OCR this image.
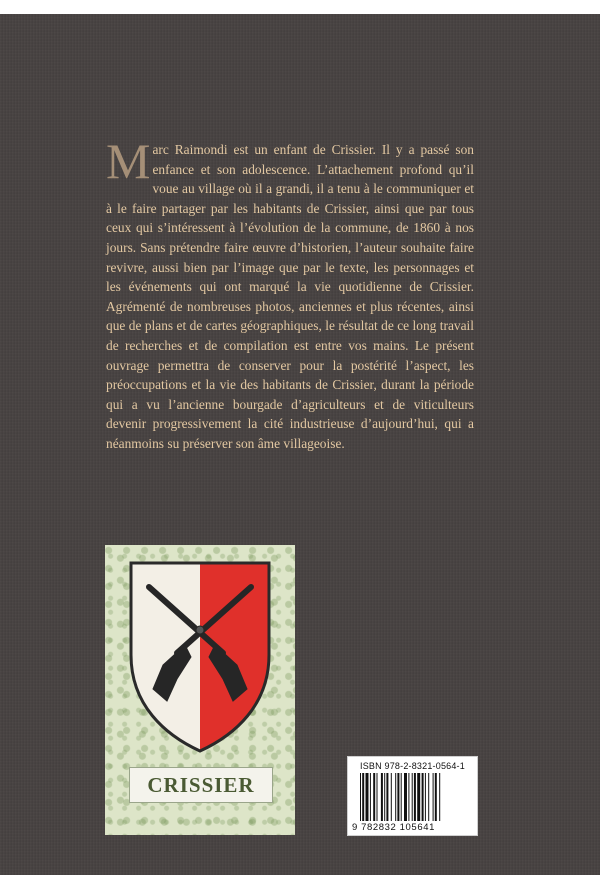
Marc Raimondi est un enfant de Crissier. Il y a passé son enfance et son adolescence. L’attachement profond qu’il voue au village où il a grandi, il a tenu à le communiquer et à le faire partager par les habitants de Crissier, ainsi que par tous ceux qui s’intéressent à l’évolution de la commune, de 1860 à nos jours. Sans prétendre faire œuvre d’historien, l’auteur souhaite faire revivre, aussi bien par l’image que par le texte, les personnages et les événements qui ont marqué la vie quotidienne de Crissier. Agrémenté de nombreuses photos, anciennes et plus récentes, ainsi que de plans et de cartes géographiques, le résultat de ce long travail de recherches et de compilation est entre vos mains. Le présent ouvrage permettra de conserver pour la postérité l’aspect, les préoccupations et la vie des habitants de Crissier, durant la période qui a vu l’ancienne bourgade d’agriculteurs et de viticulteurs devenir progressivement la cité industrieuse d’aujourd’hui, qui a néanmoins su préserver son âme villageoise.

CRISSIER
ISBN 978-2-8321-0564-1
9 782832 105641
